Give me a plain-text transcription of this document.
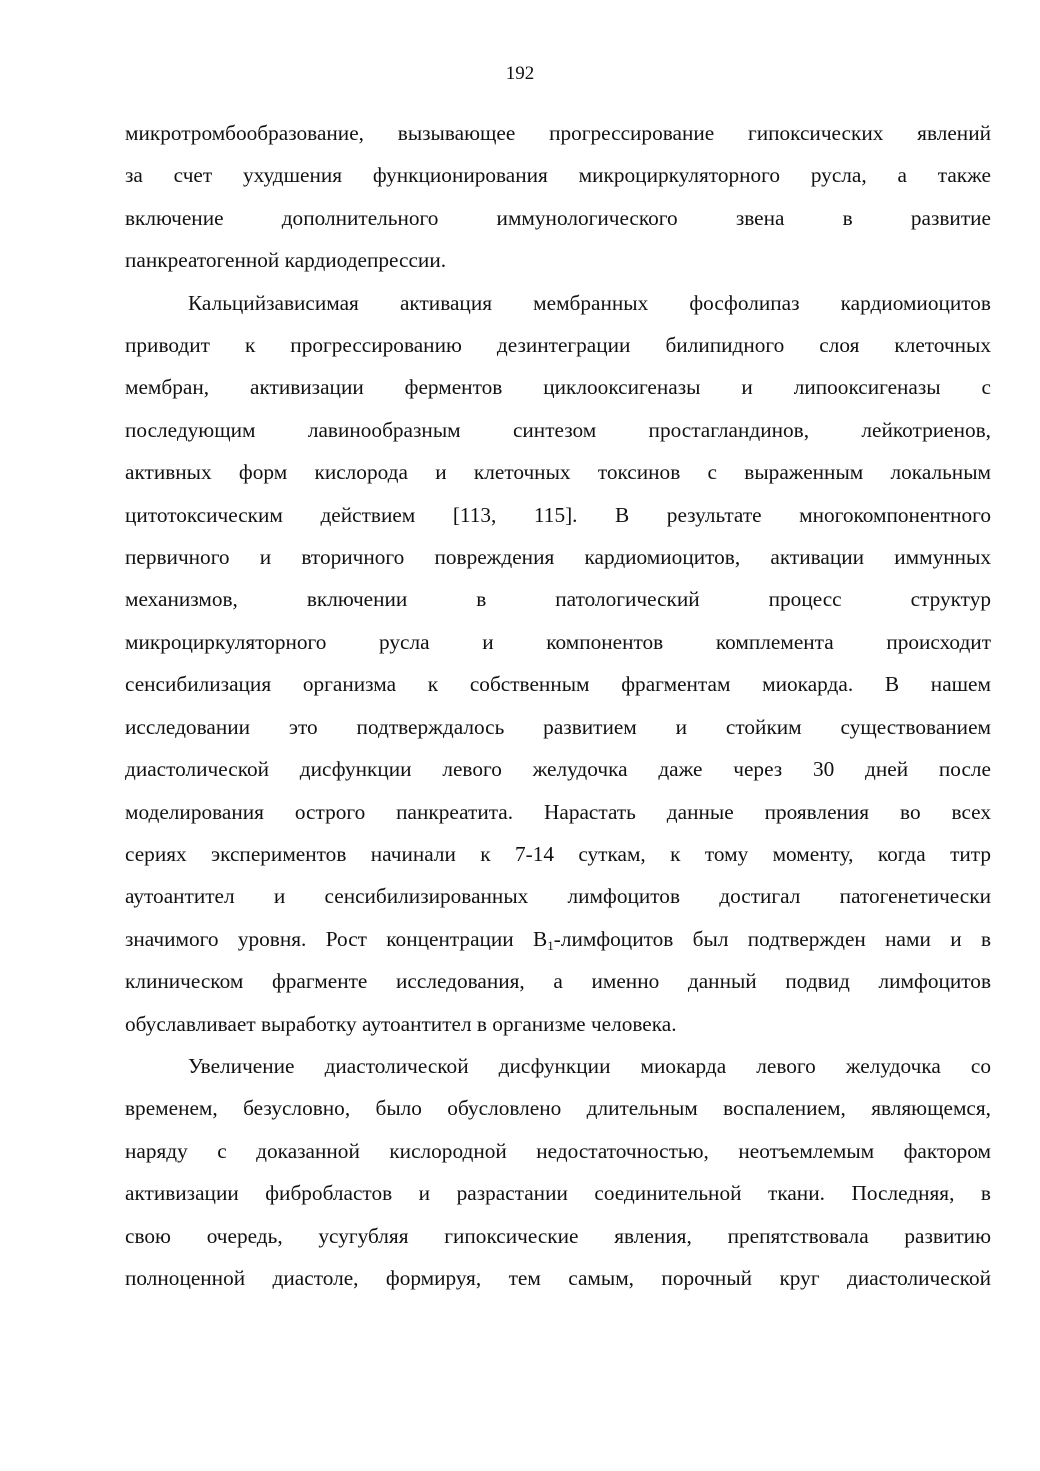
192

микротромбообразование, вызывающее прогрессирование гипоксических явлений
за счет ухудшения функционирования микроциркуляторного русла, а также
включение дополнительного иммунологического звена в развитие
панкреатогенной кардиодепрессии.

Кальцийзависимая активация мембранных фосфолипаз кардиомиоцитов
приводит к прогрессированию дезинтеграции билипидного слоя клеточных
мембран, активизации ферментов циклооксигеназы и липооксигеназы с
последующим лавинообразным синтезом простагландинов, лейкотриенов,
активных форм кислорода и клеточных токсинов с выраженным локальным
цитотоксическим действием [113, 115]. В результате многокомпонентного
первичного и вторичного повреждения кардиомиоцитов, активации иммунных
механизмов, включении в патологический процесс структур
микроциркуляторного русла и компонентов комплемента происходит
сенсибилизация организма к собственным фрагментам миокарда. В нашем
исследовании это подтверждалось развитием и стойким существованием
диастолической дисфункции левого желудочка даже через 30 дней после
моделирования острого панкреатита. Нарастать данные проявления во всех
сериях экспериментов начинали к 7-14 суткам, к тому моменту, когда титр
аутоантител и сенсибилизированных лимфоцитов достигал патогенетически
значимого уровня. Рост концентрации $В_1$-лимфоцитов был подтвержден нами и в
клиническом фрагменте исследования, а именно данный подвид лимфоцитов
обуславливает выработку аутоантител в организме человека.

Увеличение диастолической дисфункции миокарда левого желудочка со
временем, безусловно, было обусловлено длительным воспалением, являющемся,
наряду с доказанной кислородной недостаточностью, неотъемлемым фактором
активизации фибробластов и разрастании соединительной ткани. Последняя, в
свою очередь, усугубляя гипоксические явления, препятствовала развитию
полноценной диастоле, формируя, тем самым, порочный круг диастолической
